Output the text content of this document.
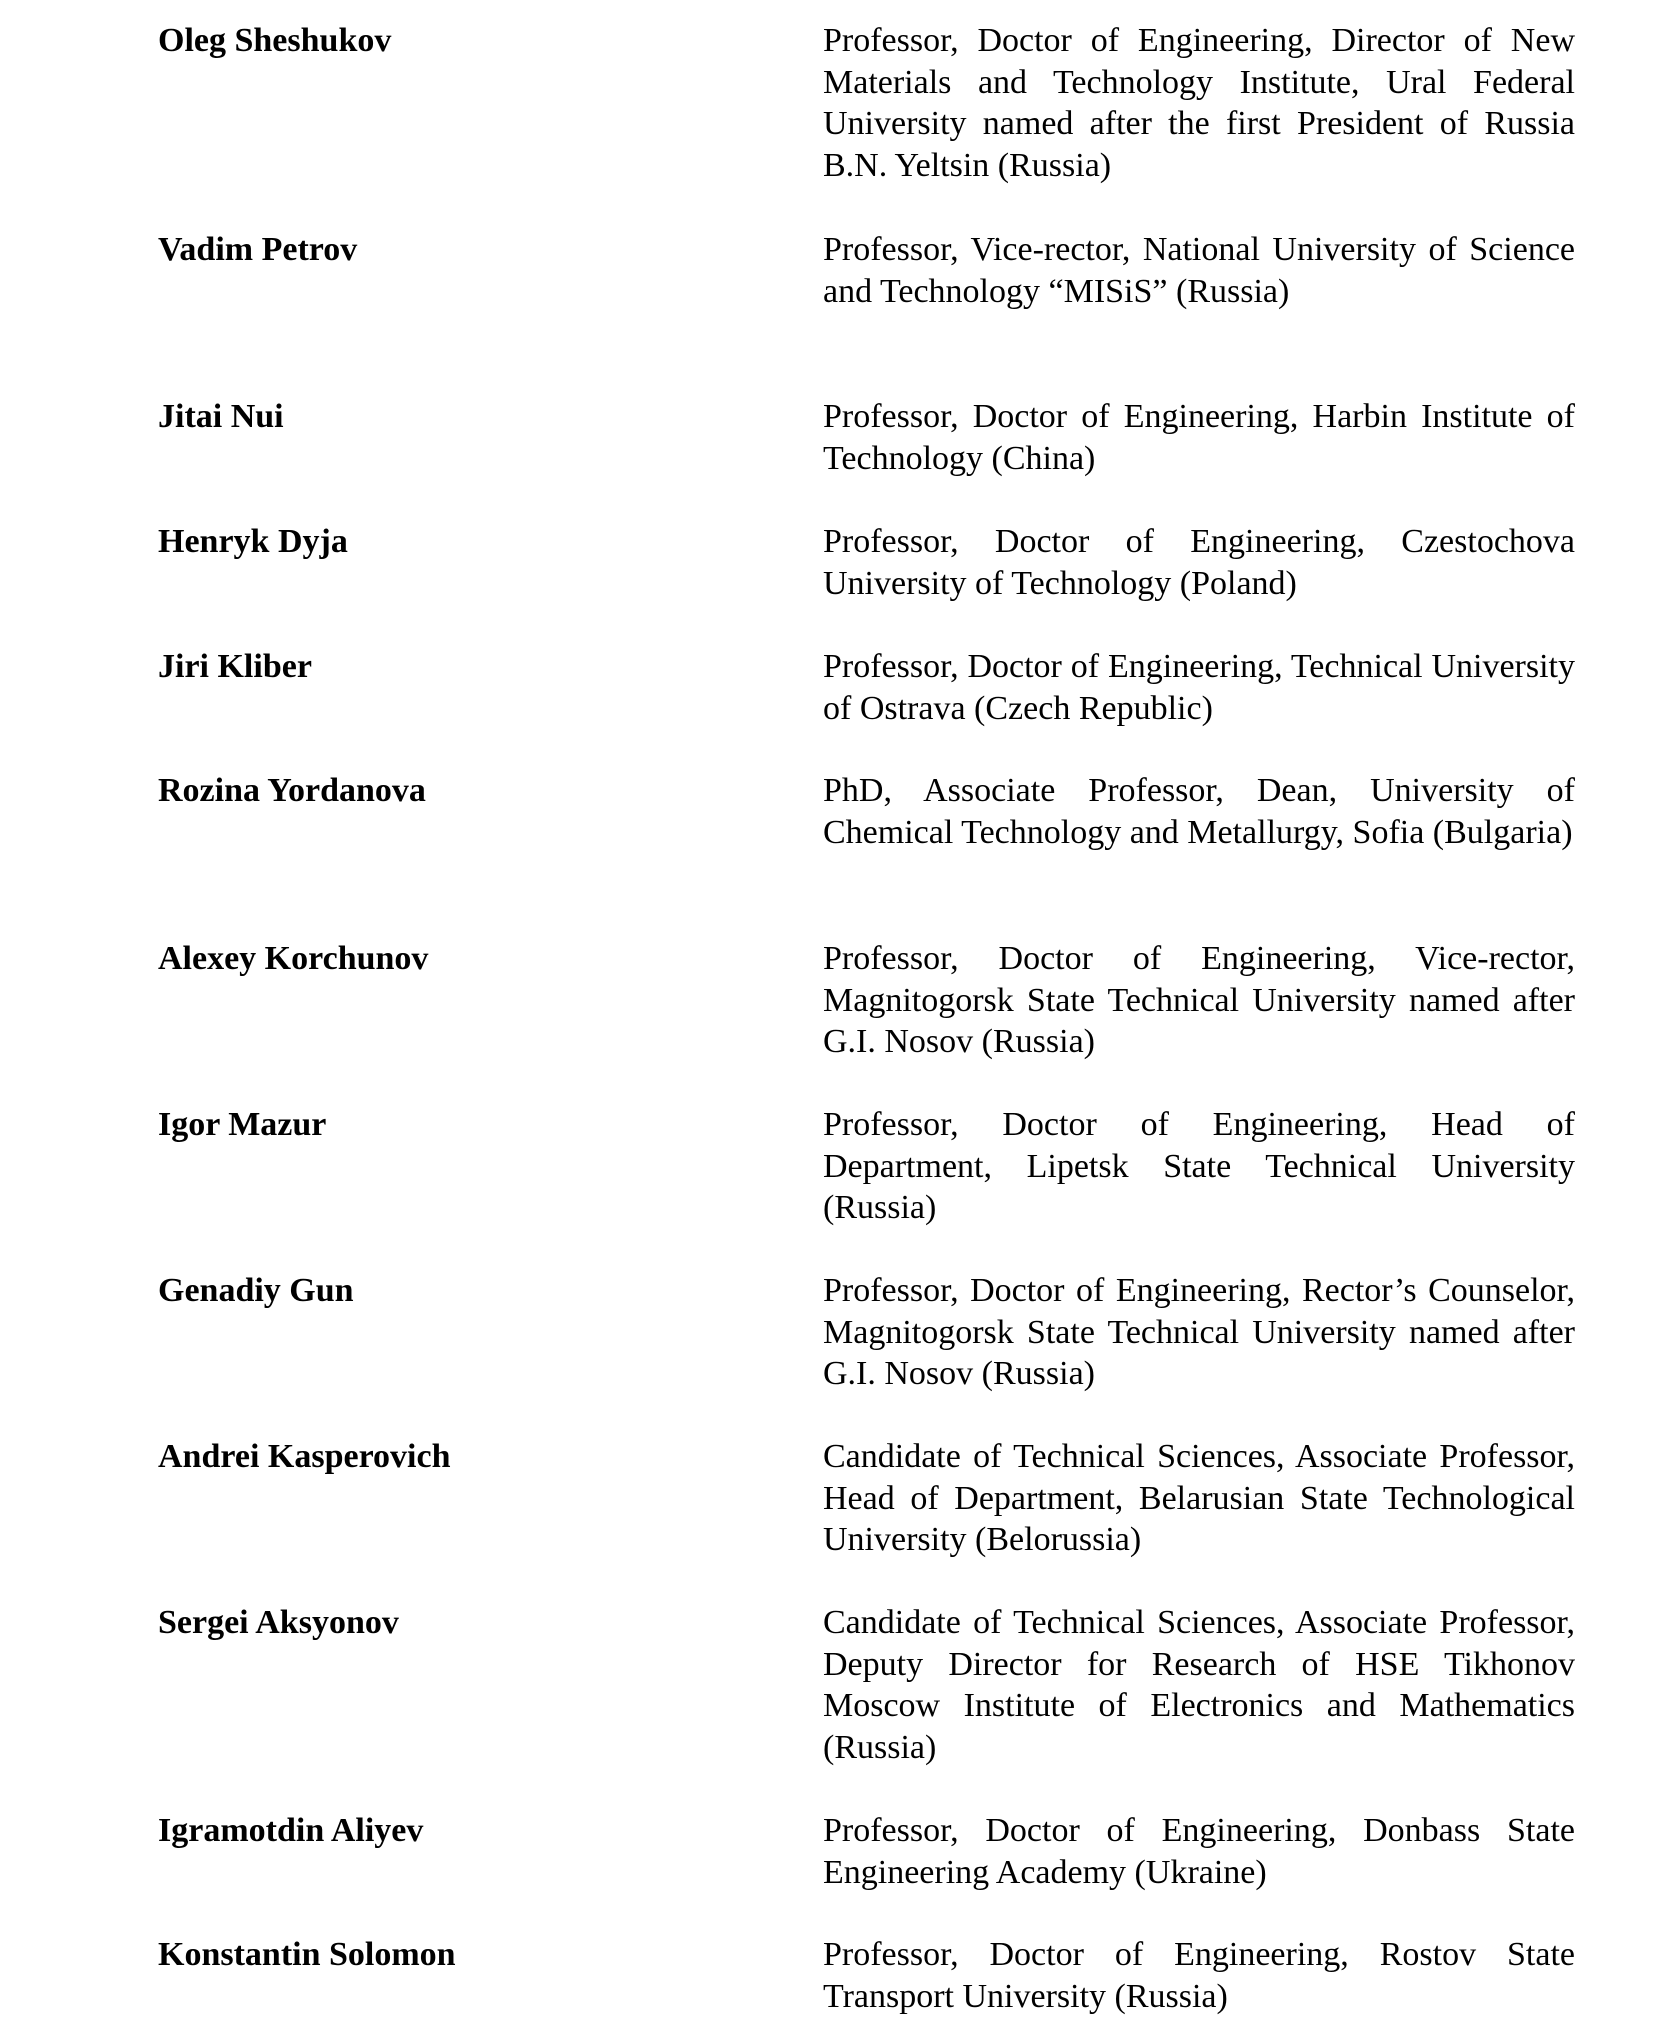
Oleg Sheshukov	Professor, Doctor of Engineering, Director of New Materials and Technology Institute, Ural Federal University named after the first President of Russia B.N. Yeltsin (Russia)
Vadim Petrov	Professor, Vice-rector, National University of Science and Technology “MISiS” (Russia)
Jitai Nui	Professor, Doctor of Engineering, Harbin Institute of Technology (China)
Henryk Dyja	Professor, Doctor of Engineering, Czestochova University of Technology (Poland)
Jiri Kliber	Professor, Doctor of Engineering, Technical University of Ostrava (Czech Republic)
Rozina Yordanova	PhD, Associate Professor, Dean, University of Chemical Technology and Metallurgy, Sofia (Bulgaria)
Alexey Korchunov	Professor, Doctor of Engineering, Vice-rector, Magnitogorsk State Technical University named after G.I. Nosov (Russia)
Igor Mazur	Professor, Doctor of Engineering, Head of Department, Lipetsk State Technical University (Russia)
Genadiy Gun	Professor, Doctor of Engineering, Rector’s Counselor, Magnitogorsk State Technical University named after G.I. Nosov (Russia)
Andrei Kasperovich	Candidate of Technical Sciences, Associate Professor, Head of Department, Belarusian State Technological University (Belorussia)
Sergei Aksyonov	Candidate of Technical Sciences, Associate Professor, Deputy Director for Research of HSE Tikhonov Moscow Institute of Electronics and Mathematics (Russia)
Igramotdin Aliyev	Professor, Doctor of Engineering, Donbass State Engineering Academy (Ukraine)
Konstantin Solomon	Professor, Doctor of Engineering, Rostov State Transport University (Russia)
